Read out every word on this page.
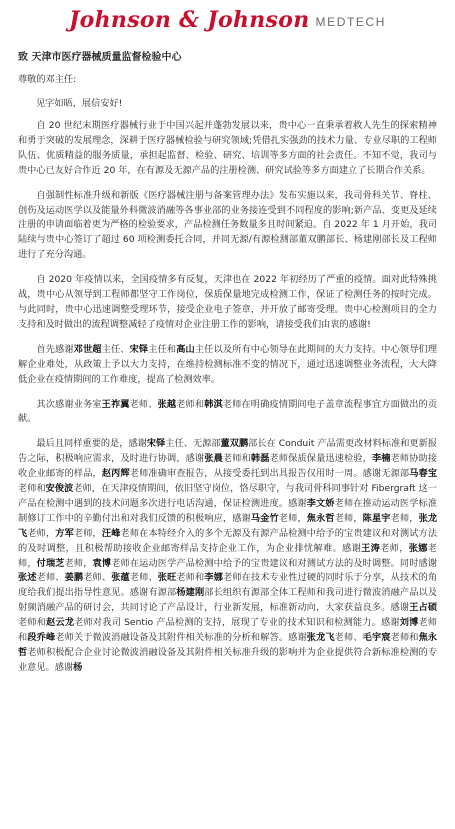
Johnson & Johnson MEDTECH
致 天津市医疗器械质量监督检验中心
尊敬的邓主任:
见字如晤，展信安好!

自 20 世纪末期医疗器械行业于中国兴起并蓬勃发展以来，贵中心一直秉承着救人先生的探索精神和勇于突破的发展理念，深耕于医疗器械检验与研究领域;凭借扎实强劲的技术力量、专业尽职的工程师队伍、优质精益的服务质量，承担起监督、检验、研究、培训等多方面的社会责任。不知不觉，我司与贵中心已友好合作近 20 年，在有源及无源产品的注册检测、研究试验等多方面建立了长期合作关系。

自强制性标准升级和新版《医疗器械注册与备案管理办法》发布实施以来，我司骨科关节、脊柱、创伤及运动医学以及能量外科微波消融等各事业部的业务接连受到不同程度的影响;新产品、变更及延续注册的申请面临着更为严格的检验要求，产品检测任务数量多且时间紧迫。自 2022 年 1 月开始，我司陆续与贵中心签订了超过 60 项检测委托合同，并同无源/有源检测部董双鹏部长、杨建刚部长及工程师进行了充分沟通。

自 2020 年疫情以来，全国疫情多有反复，天津也在 2022 年初经历了严重的疫情。面对此特殊挑战，贵中心从领导到工程师都坚守工作岗位，保质保量地完成检测工作，保证了检测任务的按时完成。与此同时，贵中心迅速调整受理环节，接受企业电子签章，并开放了邮寄受理。贵中心检测项目的全力支持和及时做出的流程调整减轻了疫情对企业注册工作的影响，请接受我们由衷的感谢!

首先感谢邓世超主任、宋铎主任和高山主任以及所有中心领导在此期间的大力支持。中心领导们理解企业难处，从政策上予以大力支持，在维持检测标准不变的情况下，通过迅速调整业务流程，大大降低企业在疫情期间的工作难度，提高了检测效率。

其次感谢业务室王祚翼老师、张越老师和韩淇老师在明确疫情期间电子盖章流程事宜方面做出的贡献。

最后且同样重要的是，感谢宋铎主任、无源部董双鹏部长在 Conduit 产品需更改材料标准和更新报告之际，积极响应需求，及时进行协调，感谢张晨老师和韩磊老师保质保量迅速检验，李楠老师协助接收企业邮寄的样品，赵丙辉老师准确审查报告，从接受委托到出具报告仅用时一周。感谢无源部马春宝老师和安俊波老师，在天津疫情期间，依旧坚守岗位，恪尽职守，与我司骨科同事针对 Fibergraft 这一产品在检测中遇到的技术问题多次进行电话沟通，保证检测进度。感谢李文娇老师在推动运动医学标准制修订工作中的辛勤付出和对我们反馈的积极响应，感谢马金竹老师，焦永哲老师，陈星宇老师，张龙飞老师，方军老师，汪峰老师在本特经介入的多个无源及有源产品检测中给予的宝贵建议和对测试方法的及时调整，且积极帮助接收企业邮寄样品支持企业工作，为企业排忧解难。感谢王涛老师，张娜老师，付瑞芝老师，袁博老师在运动医学产品检测中给予的宝贵建议和对测试方法的及时调整。同时感谢张述老师、姜鹏老师、张蕴老师、张旺老师和李娜老师在技术专业性过硬的同时乐于分享，从技术的角度给我们提出指导性意见。感谢有源部杨建刚部长组织有源部全体工程师和我司进行微波消融产品以及射频消融产品的研讨会，共同讨论了产品设计，行业新发展，标准新动向，大家获益良多。感谢王占硕老师和赵云龙老师对我司 Sentio 产品检测的支持，展现了专业的技术知识和检测能力。感谢刘博老师和段乔峰老师关于微波消融设备及其附件相关标准的分析和解答。感谢张龙飞老师、毛宇宸老师和焦永哲老师积极配合企业讨论微波消融设备及其附件相关标准升级的影响并为企业提供符合新标准检测的专业意见。感谢杨
